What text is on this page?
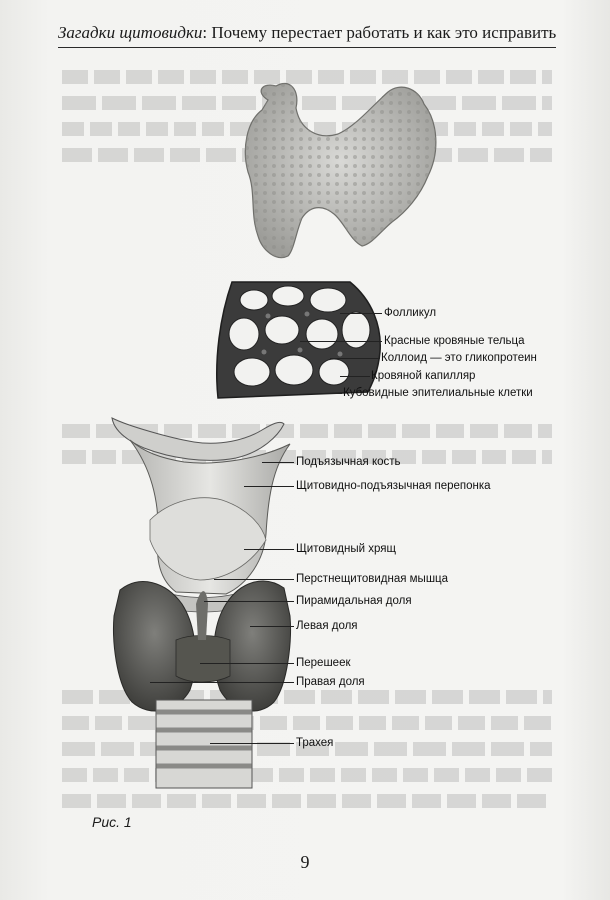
Загадки щитовидки: Почему перестает работать и как это исправить
Фолликул
Красные кровяные тельца
Коллоид — это гликопротеин
Кровяной капилляр
Кубовидные эпителиальные клетки
Подъязычная кость
Щитовидно-подъязычная перепонка
Щитовидный хрящ
Перстнещитовидная мышца
Пирамидальная доля
Левая доля
Перешеек
Правая доля
Трахея
Рис. 1
9
